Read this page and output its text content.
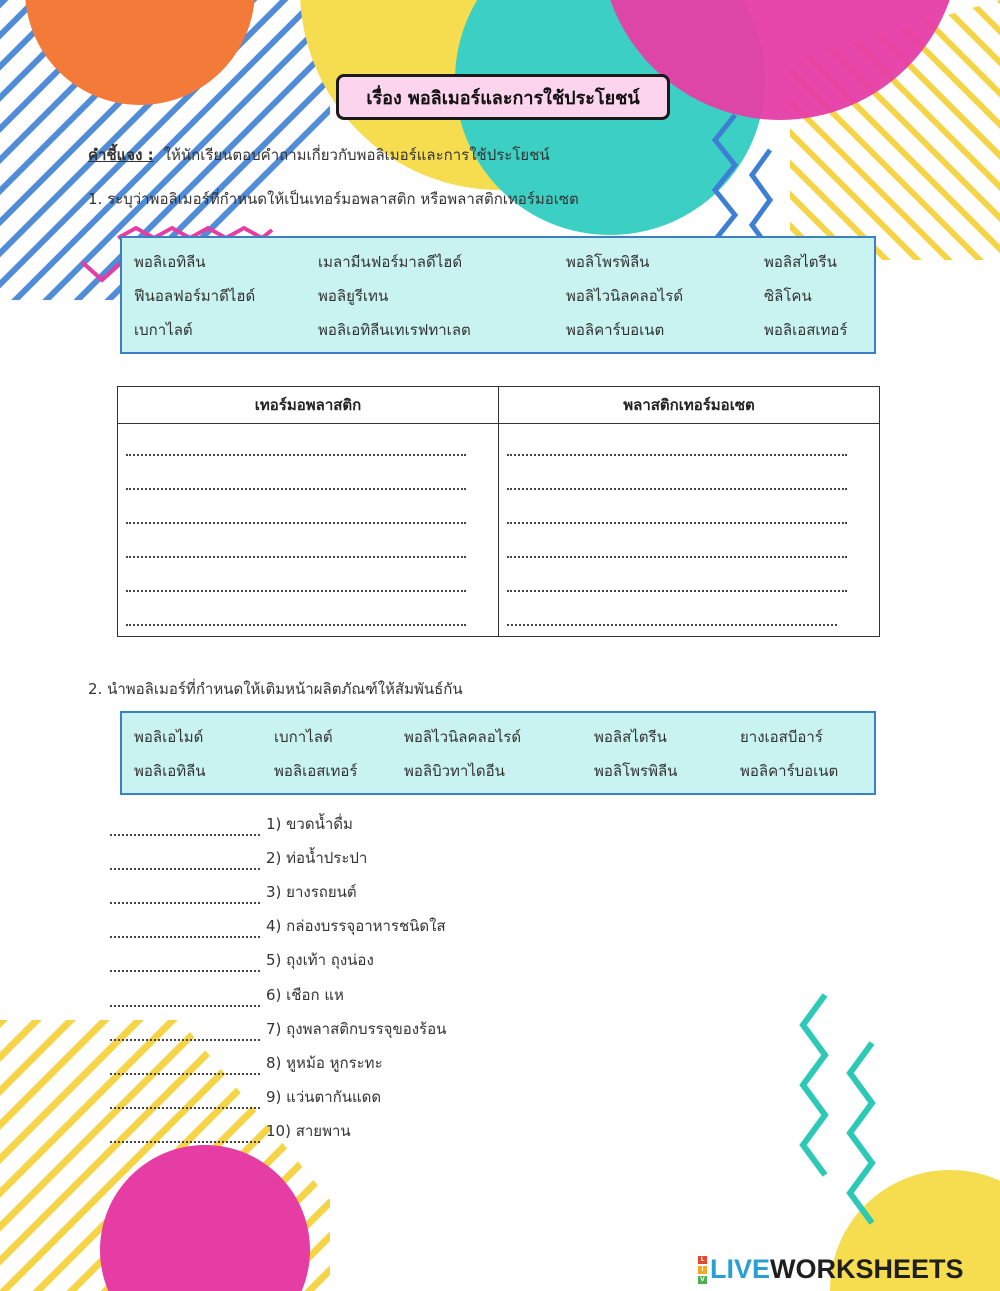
เรื่อง พอลิเมอร์และการใช้ประโยชน์
คำชี้แจง : ให้นักเรียนตอบคำถามเกี่ยวกับพอลิเมอร์และการใช้ประโยชน์
1. ระบุว่าพอลิเมอร์ที่กำหนดให้เป็นเทอร์มอพลาสติก หรือพลาสติกเทอร์มอเซต
พอลิเอทิลีน	เมลามีนฟอร์มาลดีไฮด์	พอลิโพรพิลีน	พอลิสไตรีน
ฟีนอลฟอร์มาดีไฮด์	พอลิยูรีเทน	พอลิไวนิลคลอไรด์	ซิลิโคน
เบกาไลต์	พอลิเอทิลีนเทเรฟทาเลต	พอลิคาร์บอเนต	พอลิเอสเทอร์
เทอร์มอพลาสติก	พลาสติกเทอร์มอเซต

2. นำพอลิเมอร์ที่กำหนดให้เติมหน้าผลิตภัณฑ์ให้สัมพันธ์กัน
พอลิเอไมด์	เบกาไลต์	พอลิไวนิลคลอไรด์	พอลิสไตรีน	ยางเอสบีอาร์
พอลิเอทิลีน	พอลิเอสเทอร์	พอลิบิวทาไดอีน	พอลิโพรพิลีน	พอลิคาร์บอเนต
1) ขวดน้ำดื่ม
2) ท่อน้ำประปา
3) ยางรถยนต์
4) กล่องบรรจุอาหารชนิดใส
5) ถุงเท้า ถุงน่อง
6) เชือก แห
7) ถุงพลาสติกบรรจุของร้อน
8) หูหม้อ หูกระทะ
9) แว่นตากันแดด
10) สายพาน
L
I
V LIVEWORKSHEETS
